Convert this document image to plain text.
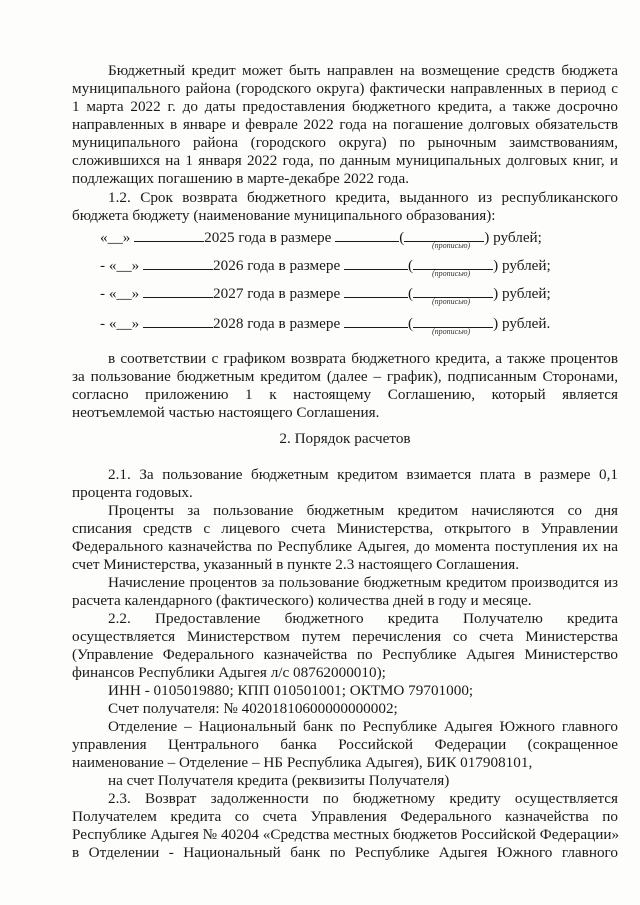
Бюджетный кредит может быть направлен на возмещение средств бюджета
муниципального района (городского округа) фактически направленных в период с
1 марта 2022 г. до даты предоставления бюджетного кредита, а также досрочно
направленных в январе и феврале 2022 года на погашение долговых обязательств
муниципального района (городского округа) по рыночным заимствованиям,
сложившихся на 1 января 2022 года, по данным муниципальных долговых книг, и
подлежащих погашению в марте-декабре 2022 года.
1.2. Срок возврата бюджетного кредита, выданного из республиканского
бюджета бюджету (наименование муниципального образования):
«__»	2025 года в размере	(	) рублей;
(прописью)
- «__»	2026 года в размере	(	) рублей;
(прописью)
- «__»	2027 года в размере	(	) рублей;
(прописью)
- «__»	2028 года в размере	(	) рублей.
(прописью)
в соответствии с графиком возврата бюджетного кредита, а также процентов
за пользование бюджетным кредитом (далее – график), подписанным Сторонами,
согласно приложению 1 к настоящему Соглашению, который является
неотъемлемой частью настоящего Соглашения.
2. Порядок расчетов
2.1. За пользование бюджетным кредитом взимается плата в размере 0,1
процента годовых.
Проценты за пользование бюджетным кредитом начисляются со дня
списания средств с лицевого счета Министерства, открытого в Управлении
Федерального казначейства по Республике Адыгея, до момента поступления их на
счет Министерства, указанный в пункте 2.3 настоящего Соглашения.
Начисление процентов за пользование бюджетным кредитом производится из
расчета календарного (фактического) количества дней в году и месяце.
2.2. Предоставление бюджетного кредита Получателю кредита
осуществляется Министерством путем перечисления со счета Министерства
(Управление Федерального казначейства по Республике Адыгея Министерство
финансов Республики Адыгея л/с 08762000010);
ИНН - 0105019880; КПП 010501001; ОКТМО 79701000;
Счет получателя: № 40201810600000000002;
Отделение – Национальный банк по Республике Адыгея Южного главного
управления Центрального банка Российской Федерации (сокращенное
наименование – Отделение – НБ Республика Адыгея), БИК 017908101,
на счет Получателя кредита (реквизиты Получателя)
2.3. Возврат задолженности по бюджетному кредиту осуществляется
Получателем кредита со счета Управления Федерального казначейства по
Республике Адыгея № 40204 «Средства местных бюджетов Российской Федерации»
в Отделении - Национальный банк по Республике Адыгея Южного главного
